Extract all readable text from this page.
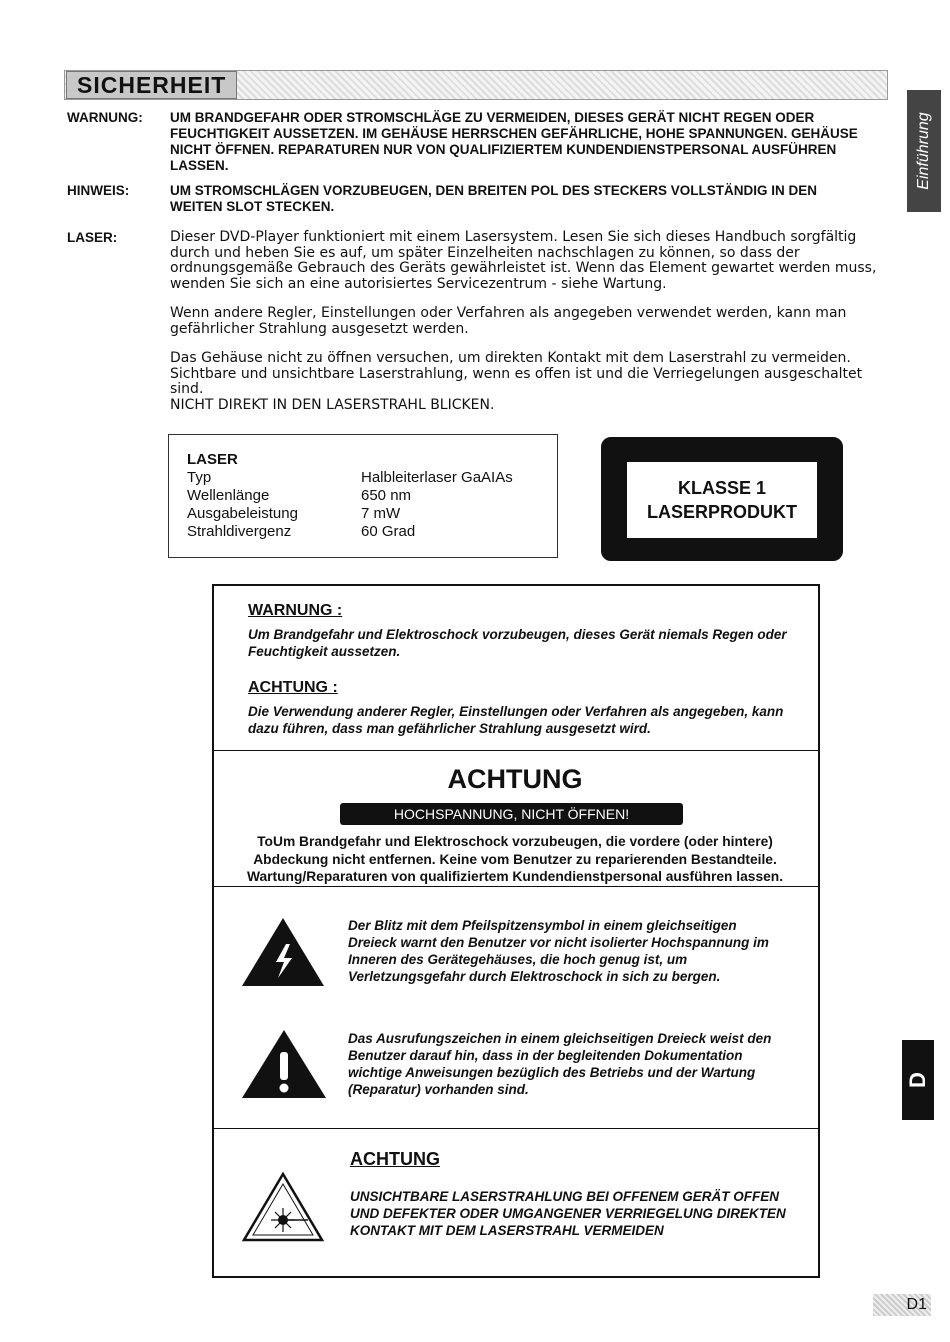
SICHERHEIT
WARNUNG: UM BRANDGEFAHR ODER STROMSCHLÄGE ZU VERMEIDEN, DIESES GERÄT NICHT REGEN ODER FEUCHTIGKEIT AUSSETZEN. IM GEHÄUSE HERRSCHEN GEFÄHRLICHE, HOHE SPANNUNGEN. GEHÄUSE NICHT ÖFFNEN. REPARATUREN NUR VON QUALIFIZIERTEM KUNDENDIENSTPERSONAL AUSFÜHREN LASSEN.
HINWEIS:	UM STROMSCHLÄGEN VORZUBEUGEN, DEN BREITEN POL DES STECKERS VOLLSTÄNDIG IN DEN WEITEN SLOT STECKEN.
LASER:	Dieser DVD-Player funktioniert mit einem Lasersystem. Lesen Sie sich dieses Handbuch sorgfältig durch und heben Sie es auf, um später Einzelheiten nachschlagen zu können, so dass der ordnungsgemäße Gebrauch des Geräts gewährleistet ist. Wenn das Element gewartet werden muss, wenden Sie sich an eine autorisiertes Servicezentrum - siehe Wartung.

Wenn andere Regler, Einstellungen oder Verfahren als angegeben verwendet werden, kann man gefährlicher Strahlung ausgesetzt werden.

Das Gehäuse nicht zu öffnen versuchen, um direkten Kontakt mit dem Laserstrahl zu vermeiden. Sichtbare und unsichtbare Laserstrahlung, wenn es offen ist und die Verriegelungen ausgeschaltet sind.

NICHT DIREKT IN DEN LASERSTRAHL BLICKEN.

LASER
Typ	Halbleiterlaser GaAIAs
Wellenlänge	650 nm
Ausgabeleistung	7 mW
Strahldivergenz	60 Grad
KLASSE 1
LASERPRODUKT
WARNUNG :
Um Brandgefahr und Elektroschock vorzubeugen, dieses Gerät niemals Regen oder Feuchtigkeit aussetzen.
ACHTUNG :
Die Verwendung anderer Regler, Einstellungen oder Verfahren als angegeben, kann dazu führen, dass man gefährlicher Strahlung ausgesetzt wird.
ACHTUNG
HOCHSPANNUNG, NICHT ÖFFNEN!
ToUm Brandgefahr und Elektroschock vorzubeugen, die vordere (oder hintere) Abdeckung nicht entfernen. Keine vom Benutzer zu reparierenden Bestandteile. Wartung/Reparaturen von qualifiziertem Kundendienstpersonal ausführen lassen.
Der Blitz mit dem Pfeilspitzensymbol in einem gleichseitigen Dreieck warnt den Benutzer vor nicht isolierter Hochspannung im Inneren des Gerätegehäuses, die hoch genug ist, um Verletzungsgefahr durch Elektroschock in sich zu bergen.
Das Ausrufungszeichen in einem gleichseitigen Dreieck weist den Benutzer darauf hin, dass in der begleitenden Dokumentation wichtige Anweisungen bezüglich des Betriebs und der Wartung (Reparatur) vorhanden sind.
ACHTUNG
UNSICHTBARE LASERSTRAHLUNG BEI OFFENEM GERÄT OFFEN UND DEFEKTER ODER UMGANGENER VERRIEGELUNG DIREKTEN KONTAKT MIT DEM LASERSTRAHL VERMEIDEN
Einführung
D
D1
